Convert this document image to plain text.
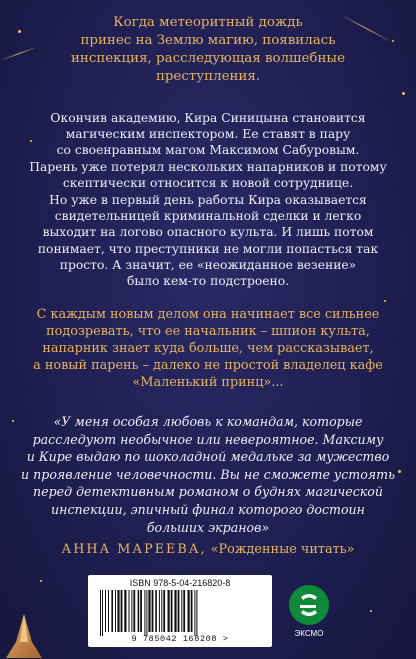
Когда метеоритный дождь
принес на Землю магию, появилась
инспекция, расследующая волшебные
преступления.
Окончив академию, Кира Синицына становится
магическим инспектором. Ее ставят в пару
со своенравным магом Максимом Сабуровым.
Парень уже потерял нескольких напарников и потому
скептически относится к новой сотруднице.
Но уже в первый день работы Кира оказывается
свидетельницей криминальной сделки и легко
выходит на логово опасного культа. И лишь потом
понимает, что преступники не могли попасться так
просто. А значит, ее «неожиданное везение»
было кем-то подстроено.
С каждым новым делом она начинает все сильнее
подозревать, что ее начальник – шпион культа,
напарник знает куда больше, чем рассказывает,
а новый парень – далеко не простой владелец кафе
«Маленький принц»...
«У меня особая любовь к командам, которые
расследуют необычное или невероятное. Максиму
и Кире выдаю по шоколадной медальке за мужество
и проявление человечности. Вы не сможете устоять
перед детективным романом о буднях магической
инспекции, эпичный финал которого достоин
больших экранов»
АННА МАРЕЕВА, «Рожденные читать»
ISBN 978-5-04-216820-8
9 785042 168208 >
ЭКСМО
